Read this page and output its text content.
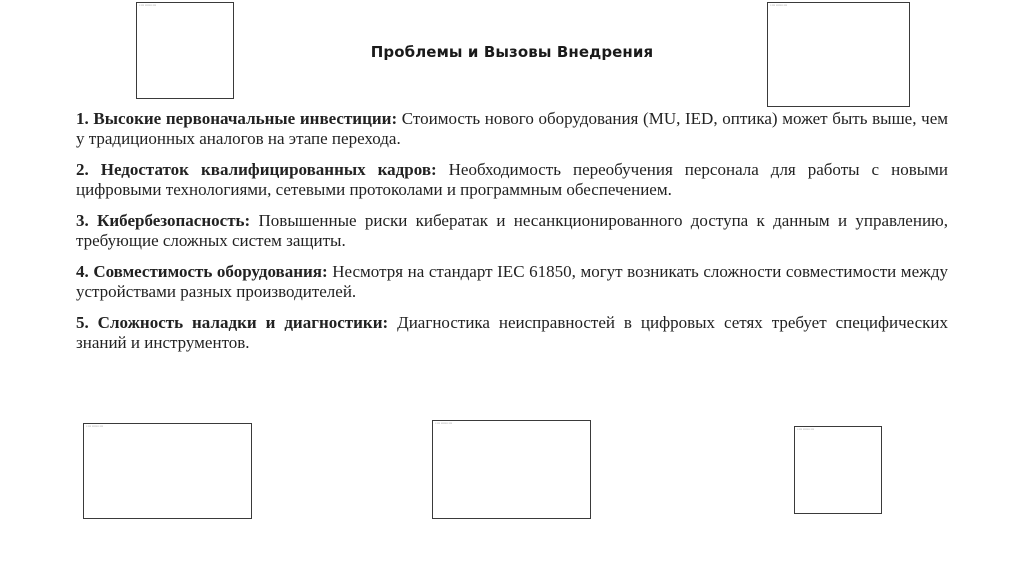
▫ ▫▫▫▫ ▫▫▫▫▫▫▫▫ ▫▫▫▫	▫ ▫▫▫▫ ▫▫▫▫▫▫▫▫ ▫▫▫▫
Проблемы и Вызовы Внедрения

1. Высокие первоначальные инвестиции: Стоимость нового оборудования (MU, IED, оптика) может быть выше, чем у традиционных аналогов на этапе перехода.

2. Недостаток квалифицированных кадров: Необходимость переобучения персонала для работы с новыми цифровыми технологиями, сетевыми протоколами и программным обеспечением.

3. Кибербезопасность: Повышенные риски кибератак и несанкционированного доступа к данным и управлению, требующие сложных систем защиты.

4. Совместимость оборудования: Несмотря на стандарт IEC 61850, могут возникать сложности совместимости между устройствами разных производителей.

5. Сложность наладки и диагностики: Диагностика неисправностей в цифровых сетях требует специфических знаний и инструментов.

▫ ▫▫▫▫ ▫▫▫▫▫▫▫▫ ▫▫▫▫
▫ ▫▫▫▫ ▫▫▫▫▫▫▫▫ ▫▫▫▫
▫ ▫▫▫▫ ▫▫▫▫▫▫▫▫ ▫▫▫▫
